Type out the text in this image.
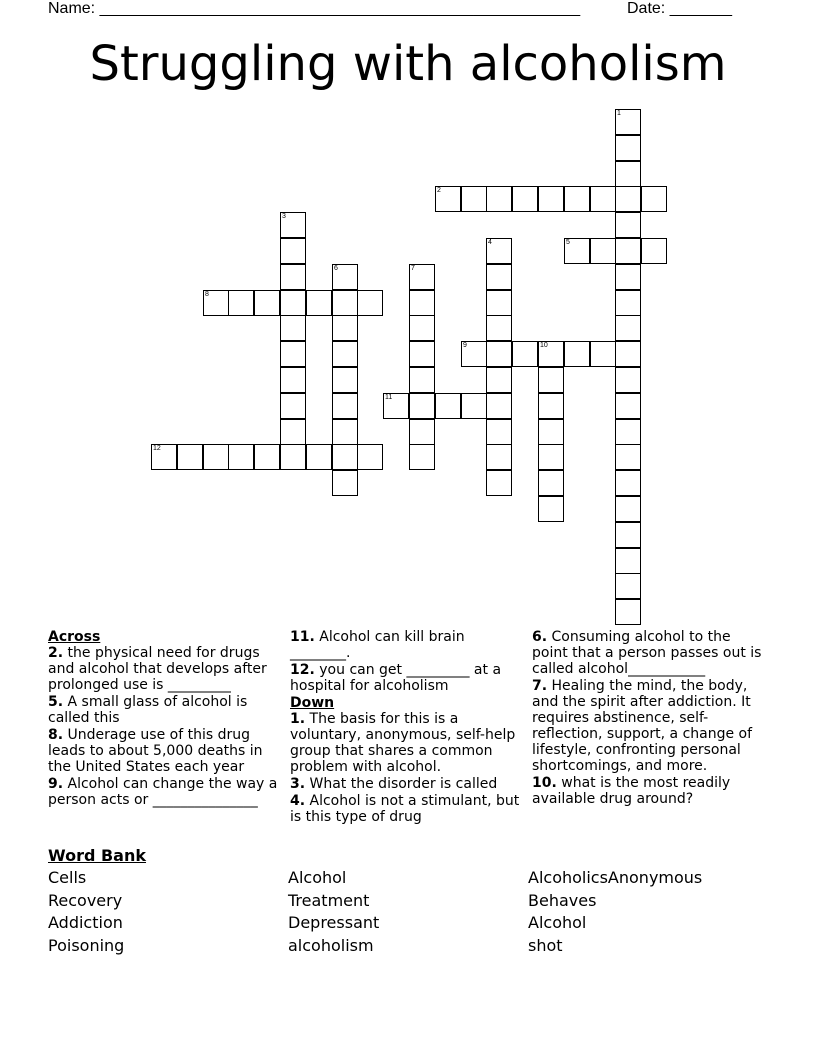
Name: ______________________________________________________	Date: _______
Struggling with alcoholism
1
2
3
4	5
6	7
8
9	10
11
12
Across

2. the physical need for drugs and alcohol that develops after prolonged use is _________

5. A small glass of alcohol is called this

8. Underage use of this drug leads to about 5,000 deaths in the United States each year

9. Alcohol can change the way a person acts or _______________

11. Alcohol can kill brain ________.

12. you can get _________ at a hospital for alcoholism

Down

1. The basis for this is a voluntary, anonymous, self-help group that shares a common problem with alcohol.

3. What the disorder is called

4. Alcohol is not a stimulant, but is this type of drug

6. Consuming alcohol to the point that a person passes out is called alcohol___________

7. Healing the mind, the body, and the spirit after addiction. It requires abstinence, self-reflection, support, a change of lifestyle, confronting personal shortcomings, and more.

10. what is the most readily available drug around?

Word Bank
Cells
Recovery
Addiction
Poisoning
Alcohol
Treatment
Depressant
alcoholism
AlcoholicsAnonymous
Behaves
Alcohol
shot
